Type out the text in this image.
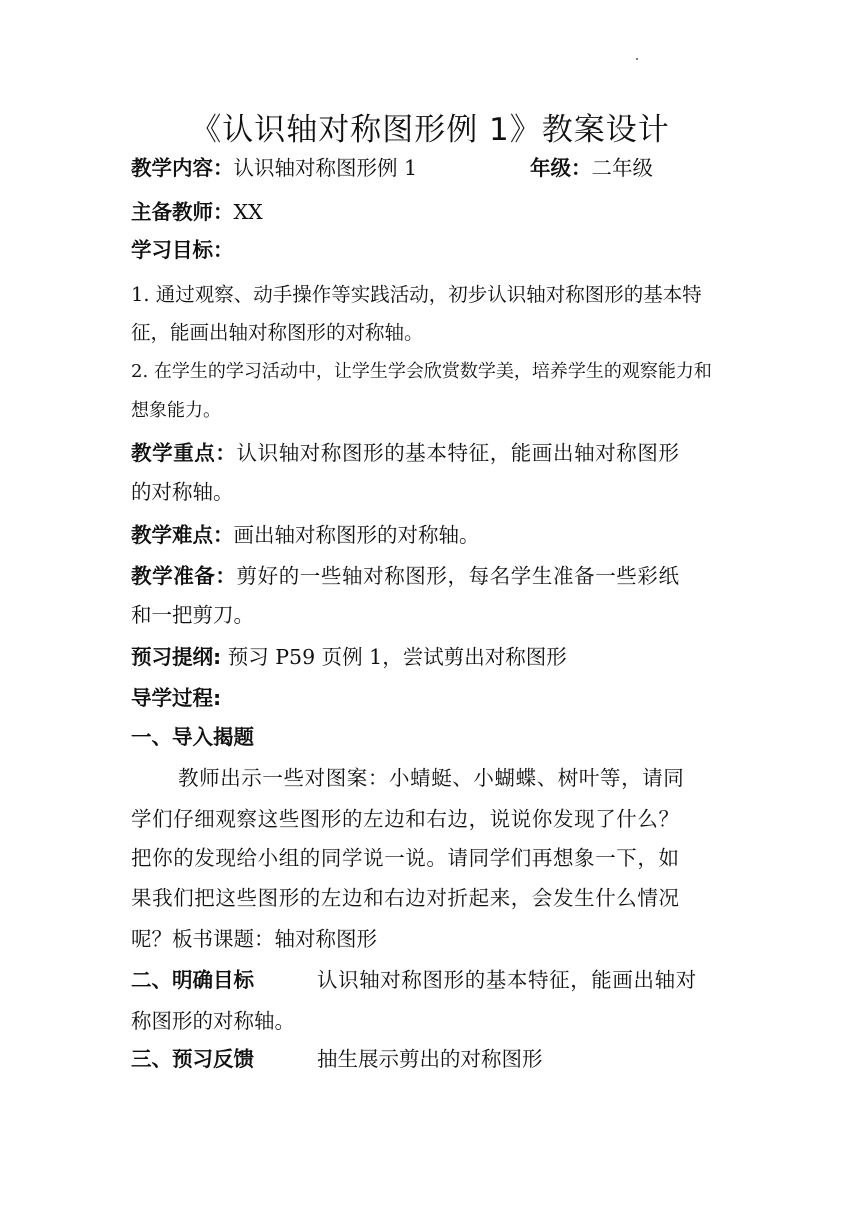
《认识轴对称图形例 1》教案设计
教学内容：认识轴对称图形例 1	年级：二年级
主备教师：XX
学习目标：
1. 通过观察、动手操作等实践活动，初步认识轴对称图形的基本特
征，能画出轴对称图形的对称轴。
2. 在学生的学习活动中，让学生学会欣赏数学美，培养学生的观察能力和
想象能力。
教学重点：认识轴对称图形的基本特征，能画出轴对称图形
的对称轴。
教学难点：画出轴对称图形的对称轴。
教学准备：剪好的一些轴对称图形，每名学生准备一些彩纸
和一把剪刀。
预习提纲: 预习 P59 页例 1，尝试剪出对称图形
导学过程:
一、导入揭题
教师出示一些对图案：小蜻蜓、小蝴蝶、树叶等，请同
学们仔细观察这些图形的左边和右边，说说你发现了什么？
把你的发现给小组的同学说一说。请同学们再想象一下，如
果我们把这些图形的左边和右边对折起来，会发生什么情况
呢？板书课题：轴对称图形
二、明确目标	认识轴对称图形的基本特征，能画出轴对
称图形的对称轴。
三、预习反馈	抽生展示剪出的对称图形
